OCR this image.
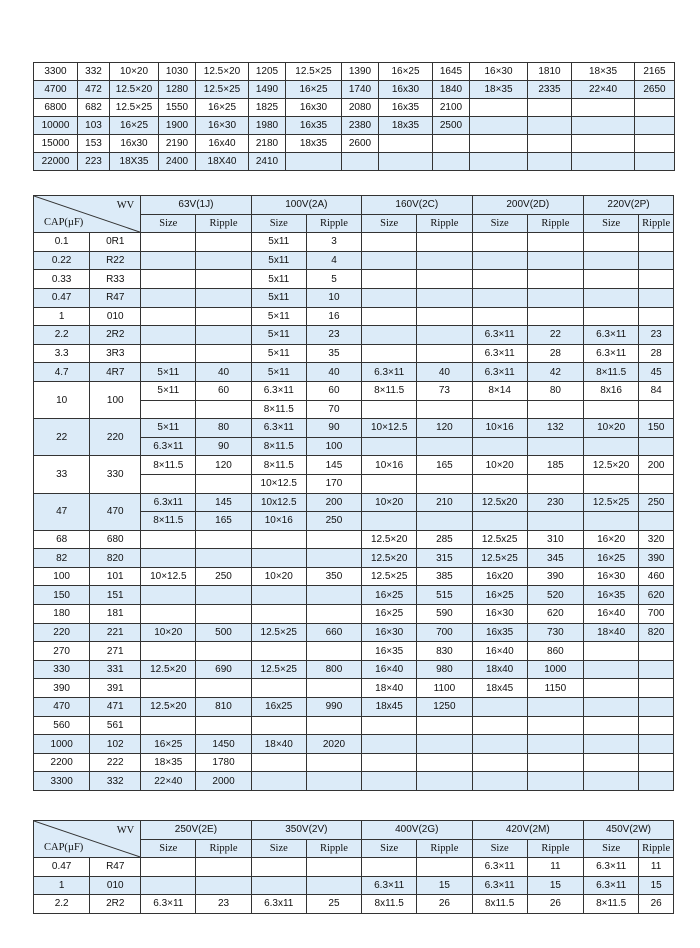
3300	332	10×20	1030	12.5×20	1205	12.5×25	1390	16×25	1645	16×30	1810	18×35	2165
4700	472	12.5×20	1280	12.5×25	1490	16×25	1740	16x30	1840	18×35	2335	22×40	2650
6800	682	12.5×25	1550	16×25	1825	16x30	2080	16x35	2100				
10000	103	16×25	1900	16×30	1980	16x35	2380	18x35	2500				
15000	153	16x30	2190	16x40	2180	18x35	2600						
22000	223	18X35	2400	18X40	2410								
WV
CAP(µF)		63V(1J)		100V(2A)		160V(2C)		200V(2D)		220V(2P)	
		Size	Ripple	Size	Ripple	Size	Ripple	Size	Ripple	Size	Ripple
0.1	0R1			5x11	3						
0.22	R22			5x11	4						
0.33	R33			5x11	5						
0.47	R47			5x11	10						
1	010			5×11	16						
2.2	2R2			5×11	23			6.3×11	22	6.3×11	23
3.3	3R3			5×11	35			6.3×11	28	6.3×11	28
4.7	4R7	5×11	40	5×11	40	6.3×11	40	6.3×11	42	8×11.5	45
10	100	5×11	60	6.3×11	60	8×11.5	73	8×14	80	8x16	84
				8×11.5	70						
22	220	5×11	80	6.3×11	90	10×12.5	120	10×16	132	10×20	150
		6.3×11	90	8×11.5	100						
33	330	8×11.5	120	8×11.5	145	10×16	165	10×20	185	12.5×20	200
				10×12.5	170						
47	470	6.3x11	145	10x12.5	200	10×20	210	12.5x20	230	12.5×25	250
		8×11.5	165	10×16	250						
68	680					12.5×20	285	12.5x25	310	16×20	320
82	820					12.5×20	315	12.5×25	345	16×25	390
100	101	10×12.5	250	10×20	350	12.5×25	385	16x20	390	16×30	460
150	151					16×25	515	16×25	520	16×35	620
180	181					16×25	590	16×30	620	16×40	700
220	221	10×20	500	12.5×25	660	16×30	700	16x35	730	18×40	820
270	271					16×35	830	16×40	860		
330	331	12.5×20	690	12.5×25	800	16×40	980	18x40	1000		
390	391					18×40	1100	18x45	1150		
470	471	12.5×20	810	16x25	990	18x45	1250				
560	561										
1000	102	16×25	1450	18×40	2020						
2200	222	18×35	1780								
3300	332	22×40	2000								
WV
CAP(µF)		250V(2E)		350V(2V)		400V(2G)		420V(2M)		450V(2W)	
		Size	Ripple	Size	Ripple	Size	Ripple	Size	Ripple	Size	Ripple
0.47	R47							6.3×11	11	6.3×11	11
1	010					6.3×11	15	6.3×11	15	6.3×11	15
2.2	2R2	6.3×11	23	6.3x11	25	8x11.5	26	8x11.5	26	8×11.5	26
